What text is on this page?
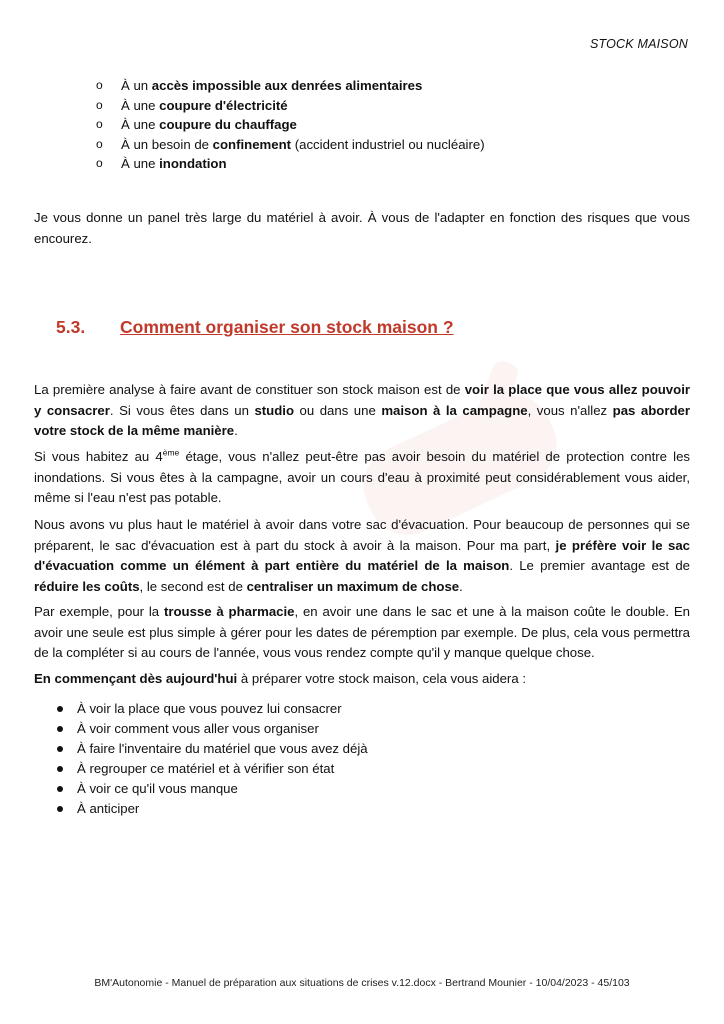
STOCK MAISON
o À un accès impossible aux denrées alimentaires
o À une coupure d'électricité
o À une coupure du chauffage
o À un besoin de confinement (accident industriel ou nucléaire)
o À une inondation

Je vous donne un panel très large du matériel à avoir. À vous de l'adapter en fonction des risques que vous encourez.

5.3. Comment organiser son stock maison ?

La première analyse à faire avant de constituer son stock maison est de voir la place que vous allez pouvoir y consacrer. Si vous êtes dans un studio ou dans une maison à la campagne, vous n'allez pas aborder votre stock de la même manière.

Si vous habitez au 4ème étage, vous n'allez peut-être pas avoir besoin du matériel de protection contre les inondations. Si vous êtes à la campagne, avoir un cours d'eau à proximité peut considérablement vous aider, même si l'eau n'est pas potable.

Nous avons vu plus haut le matériel à avoir dans votre sac d'évacuation. Pour beaucoup de personnes qui se préparent, le sac d'évacuation est à part du stock à avoir à la maison. Pour ma part, je préfère voir le sac d'évacuation comme un élément à part entière du matériel de la maison. Le premier avantage est de réduire les coûts, le second est de centraliser un maximum de chose.

Par exemple, pour la trousse à pharmacie, en avoir une dans le sac et une à la maison coûte le double. En avoir une seule est plus simple à gérer pour les dates de péremption par exemple. De plus, cela vous permettra de la compléter si au cours de l'année, vous vous rendez compte qu'il y manque quelque chose.

En commençant dès aujourd'hui à préparer votre stock maison, cela vous aidera :

À voir la place que vous pouvez lui consacrer
À voir comment vous aller vous organiser
À faire l'inventaire du matériel que vous avez déjà
À regrouper ce matériel et à vérifier son état
À voir ce qu'il vous manque
À anticiper
BM'Autonomie - Manuel de préparation aux situations de crises v.12.docx - Bertrand Mounier - 10/04/2023 - 45/103
